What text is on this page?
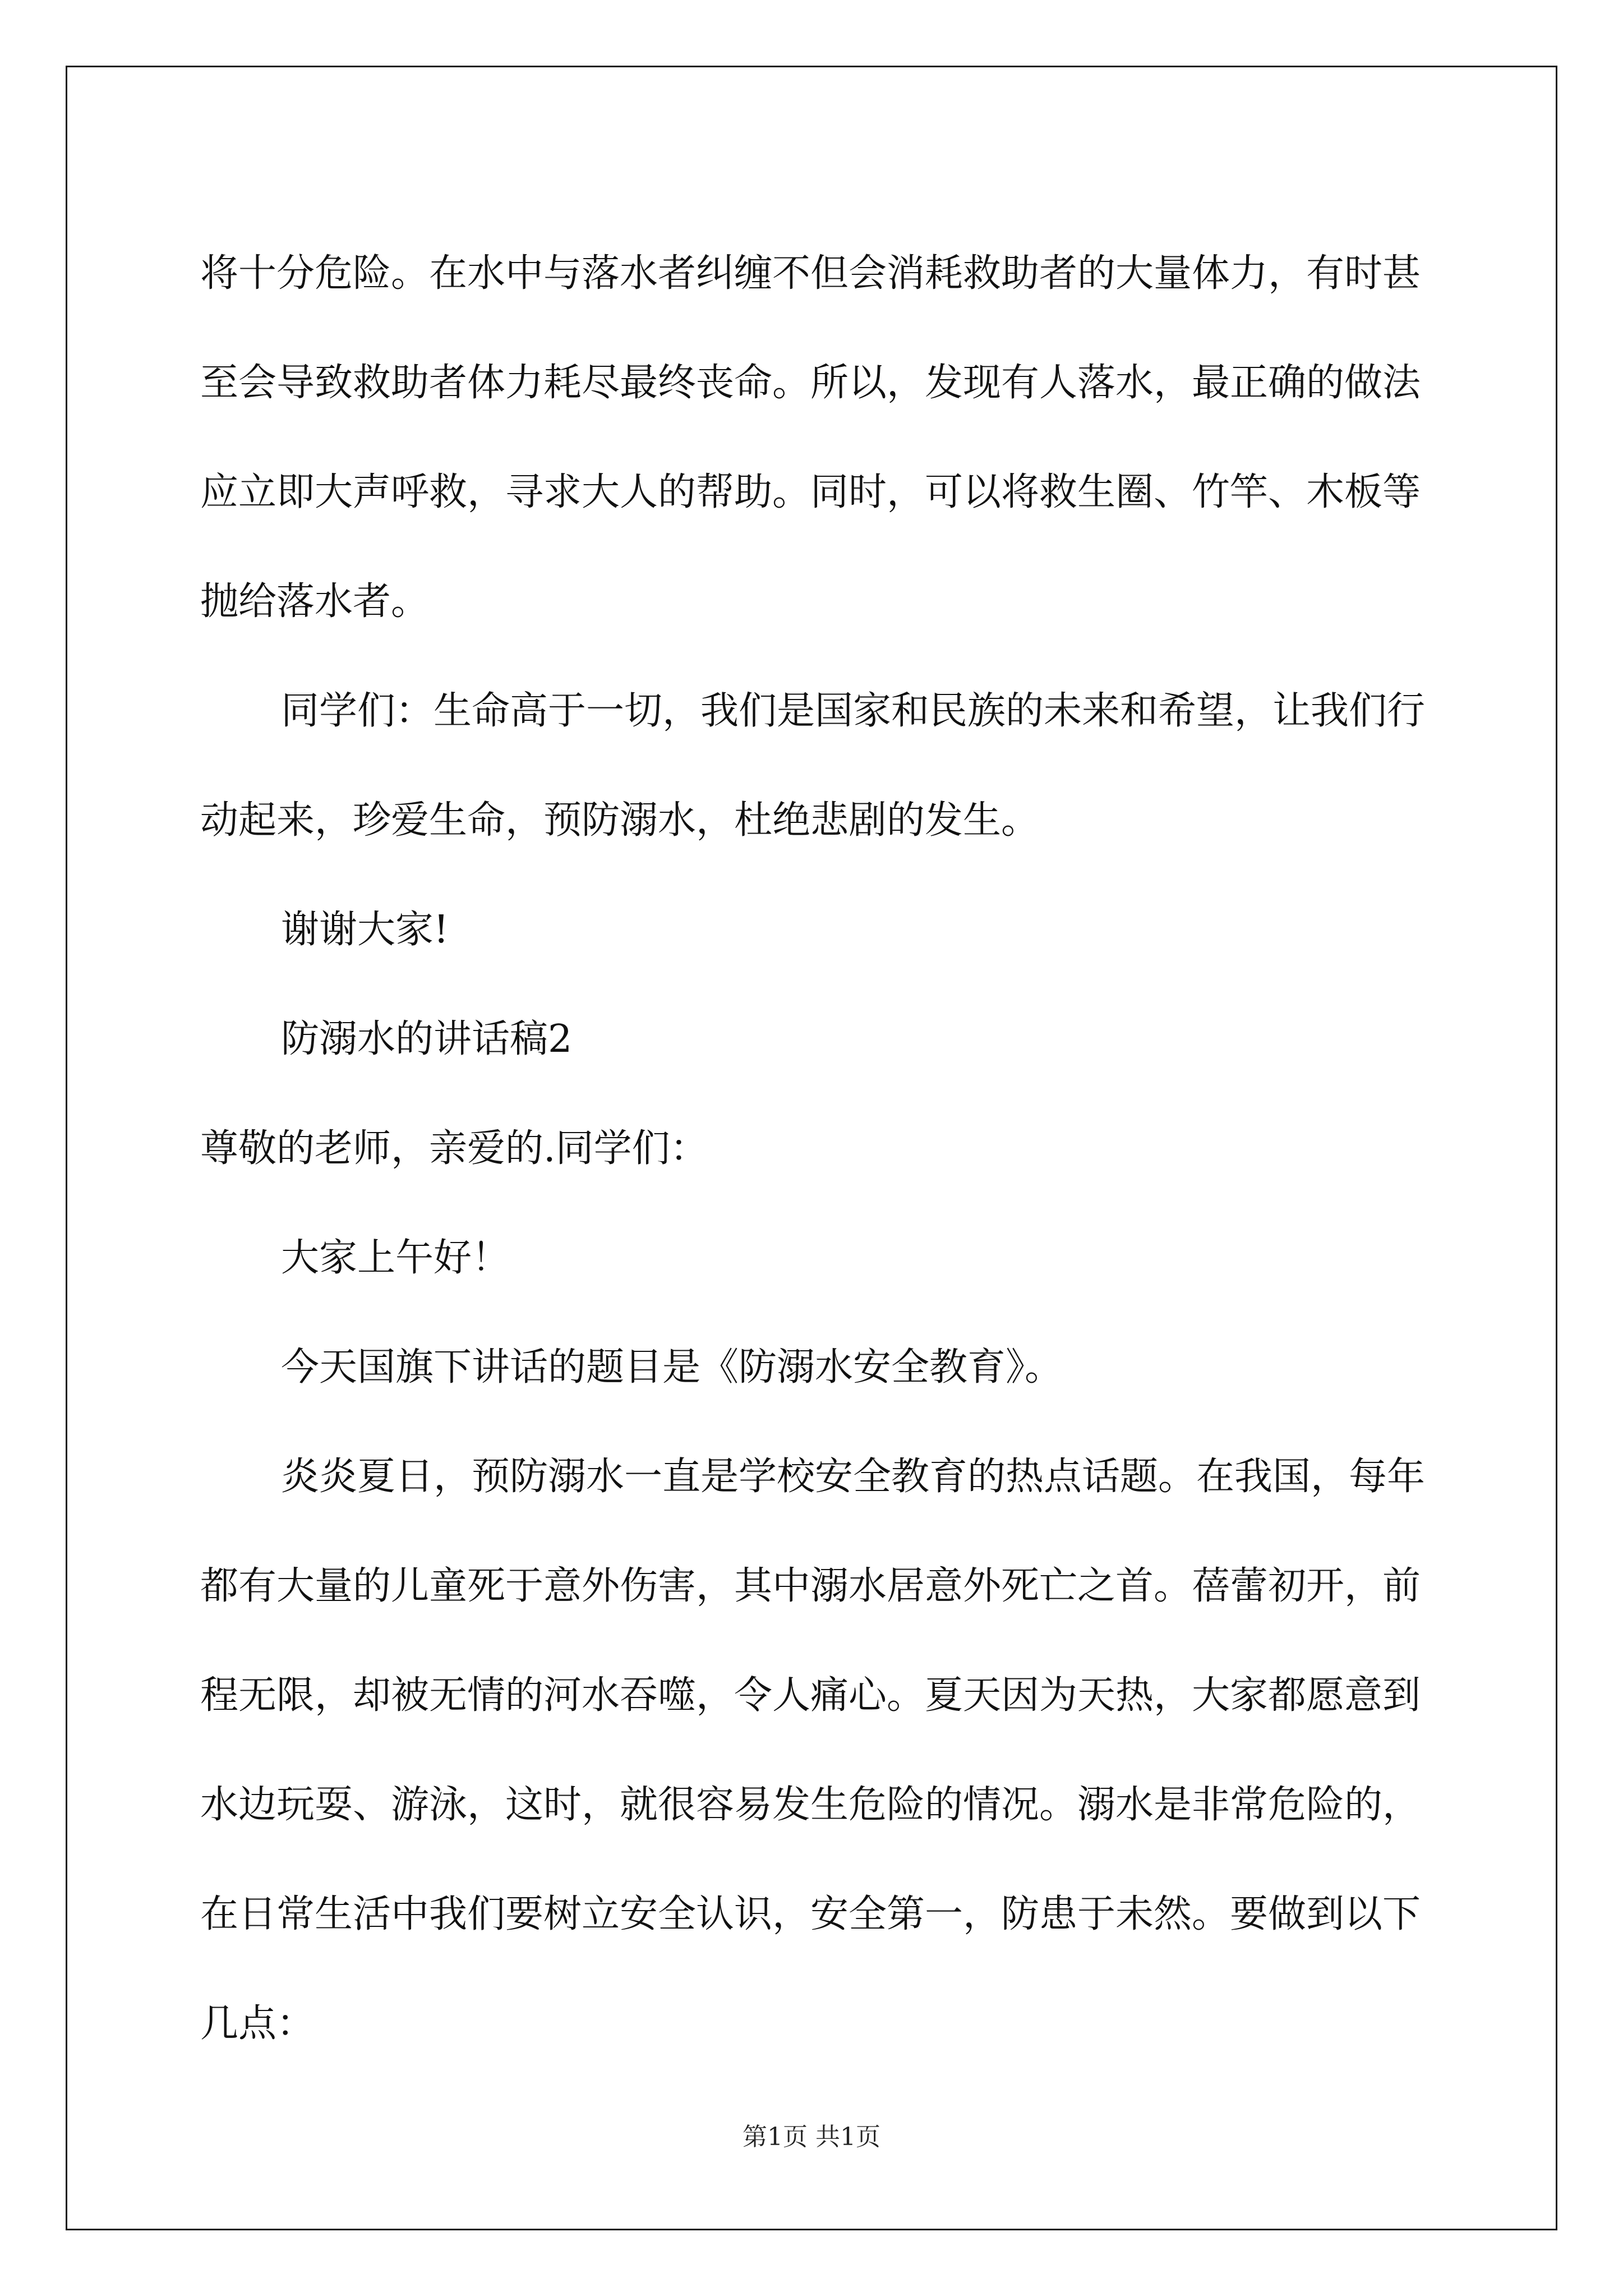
将十分危险。在水中与落水者纠缠不但会消耗救助者的大量体力，有时甚至会导致救助者体力耗尽最终丧命。所以，发现有人落水，最正确的做法应立即大声呼救，寻求大人的帮助。同时，可以将救生圈、竹竿、木板等抛给落水者。

同学们：生命高于一切，我们是国家和民族的未来和希望，让我们行动起来，珍爱生命，预防溺水，杜绝悲剧的发生。

谢谢大家!

防溺水的讲话稿2

尊敬的老师，亲爱的.同学们：

大家上午好！

今天国旗下讲话的题目是《防溺水安全教育》。

炎炎夏日，预防溺水一直是学校安全教育的热点话题。在我国，每年都有大量的儿童死于意外伤害，其中溺水居意外死亡之首。蓓蕾初开，前程无限，却被无情的河水吞噬，令人痛心。夏天因为天热，大家都愿意到水边玩耍、游泳，这时，就很容易发生危险的情况。溺水是非常危险的，在日常生活中我们要树立安全认识，安全第一，防患于未然。要做到以下几点：

第1页 共1页
